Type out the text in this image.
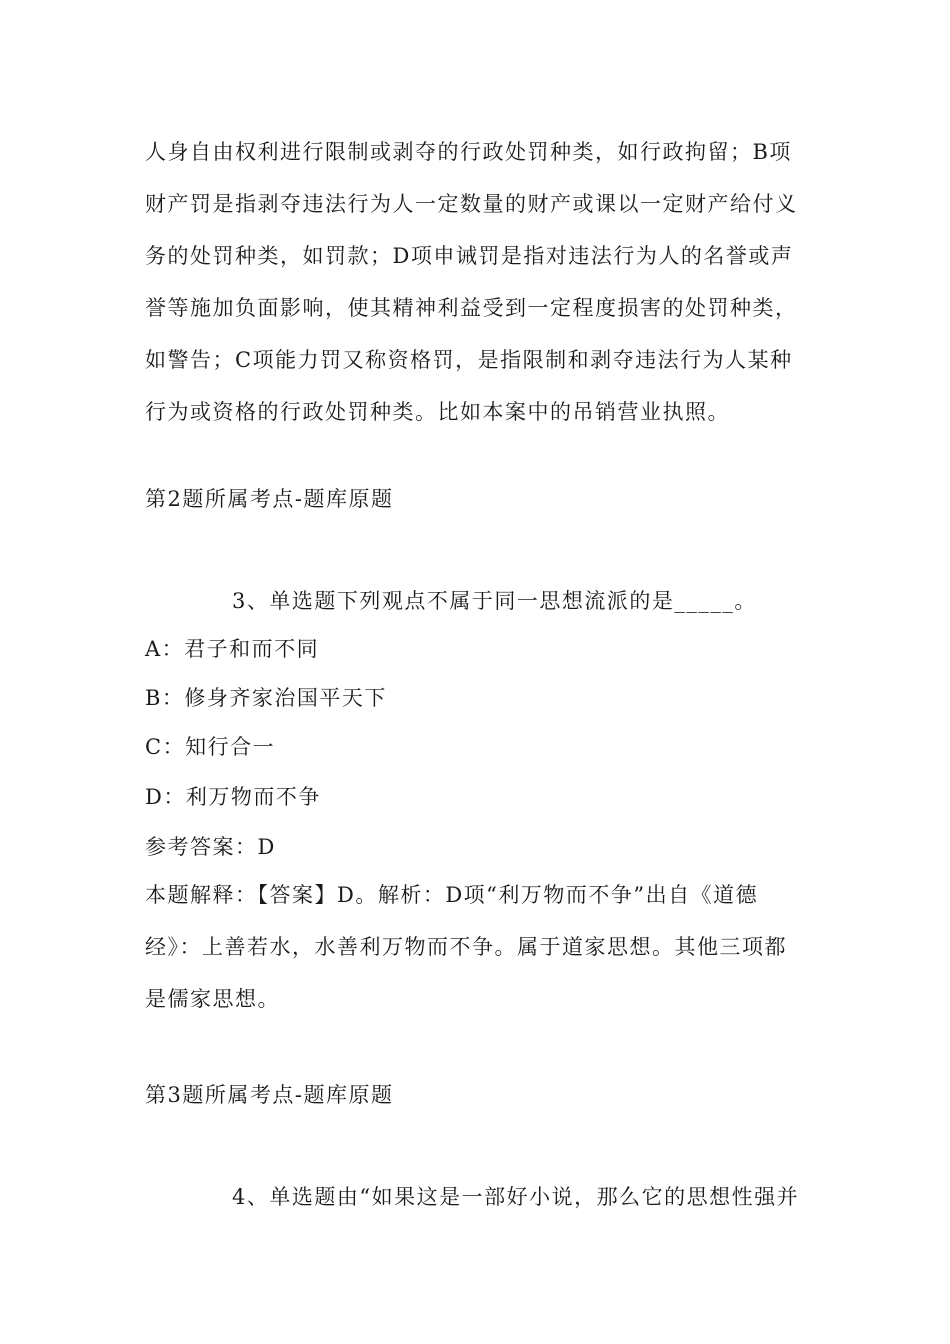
人身自由权利进行限制或剥夺的行政处罚种类，如行政拘留；B项
财产罚是指剥夺违法行为人一定数量的财产或课以一定财产给付义
务的处罚种类，如罚款；D项申诫罚是指对违法行为人的名誉或声
誉等施加负面影响，使其精神利益受到一定程度损害的处罚种类，
如警告；C项能力罚又称资格罚，是指限制和剥夺违法行为人某种
行为或资格的行政处罚种类。比如本案中的吊销营业执照。
第2题所属考点-题库原题
3、单选题下列观点不属于同一思想流派的是_____。
A：君子和而不同
B：修身齐家治国平天下
C：知行合一
D：利万物而不争
参考答案：D
本题解释：【答案】D。解析：D项“利万物而不争”出自《道德
经》：上善若水，水善利万物而不争。属于道家思想。其他三项都
是儒家思想。
第3题所属考点-题库原题
4、单选题由“如果这是一部好小说，那么它的思想性强并
